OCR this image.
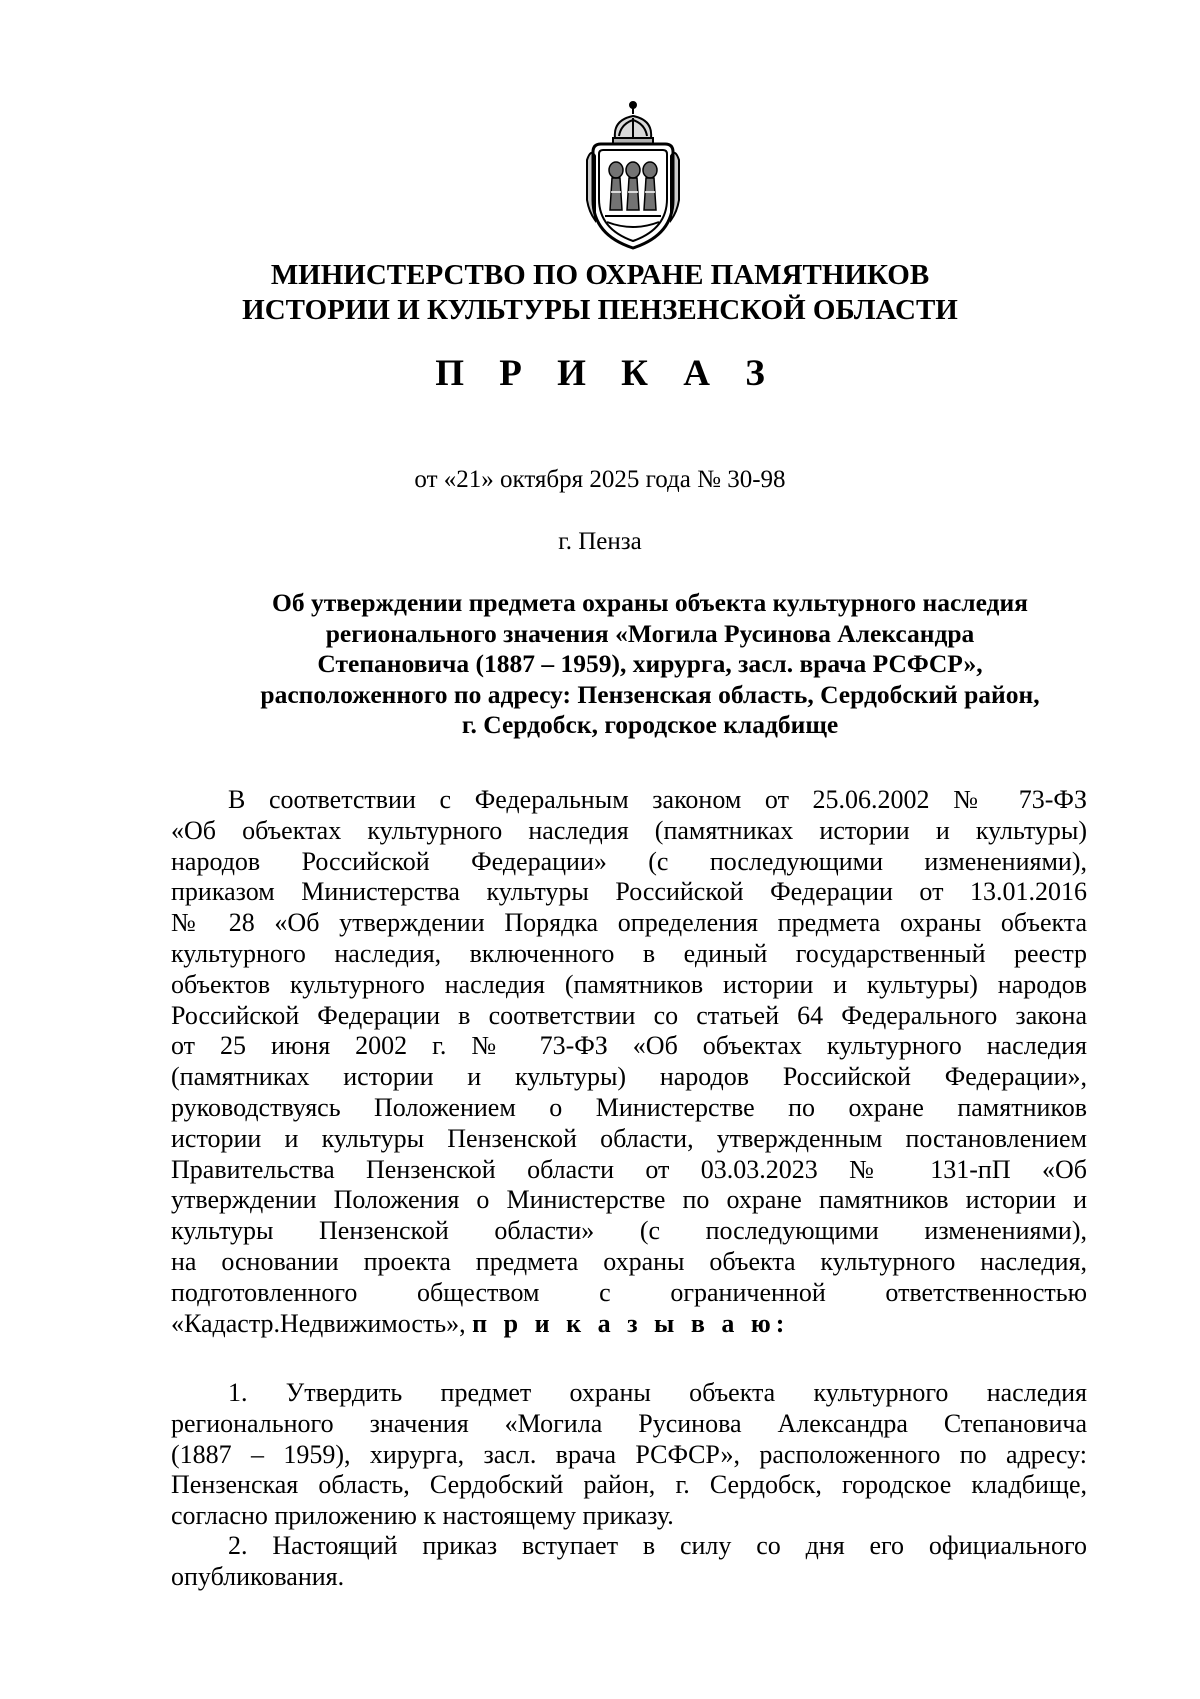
МИНИСТЕРСТВО ПО ОХРАНЕ ПАМЯТНИКОВ
ИСТОРИИ И КУЛЬТУРЫ ПЕНЗЕНСКОЙ ОБЛАСТИ
П Р И К А З
от «21» октября 2025 года № 30-98
г. Пенза
Об утверждении предмета охраны объекта культурного наследия
регионального значения «Могила Русинова Александра
Степановича (1887 – 1959), хирурга, засл. врача РСФСР»,
расположенного по адресу: Пензенская область, Сердобский район,
г. Сердобск, городское кладбище
В соответствии с Федеральным законом от 25.06.2002 № 73-ФЗ
«Об объектах культурного наследия (памятниках истории и культуры)
народов Российской Федерации» (с последующими изменениями),
приказом Министерства культуры Российской Федерации от 13.01.2016
№ 28 «Об утверждении Порядка определения предмета охраны объекта
культурного наследия, включенного в единый государственный реестр
объектов культурного наследия (памятников истории и культуры) народов
Российской Федерации в соответствии со статьей 64 Федерального закона
от 25 июня 2002 г. № 73-ФЗ «Об объектах культурного наследия
(памятниках истории и культуры) народов Российской Федерации»,
руководствуясь Положением о Министерстве по охране памятников
истории и культуры Пензенской области, утвержденным постановлением
Правительства Пензенской области от 03.03.2023 № 131-пП «Об
утверждении Положения о Министерстве по охране памятников истории и
культуры Пензенской области» (с последующими изменениями),
на основании проекта предмета охраны объекта культурного наследия,
подготовленного обществом с ограниченной ответственностью
«Кадастр.Недвижимость», п р и к а з ы в а ю:
1. Утвердить предмет охраны объекта культурного наследия
регионального значения «Могила Русинова Александра Степановича
(1887 – 1959), хирурга, засл. врача РСФСР», расположенного по адресу:
Пензенская область, Сердобский район, г. Сердобск, городское кладбище,
согласно приложению к настоящему приказу.
2. Настоящий приказ вступает в силу со дня его официального
опубликования.
